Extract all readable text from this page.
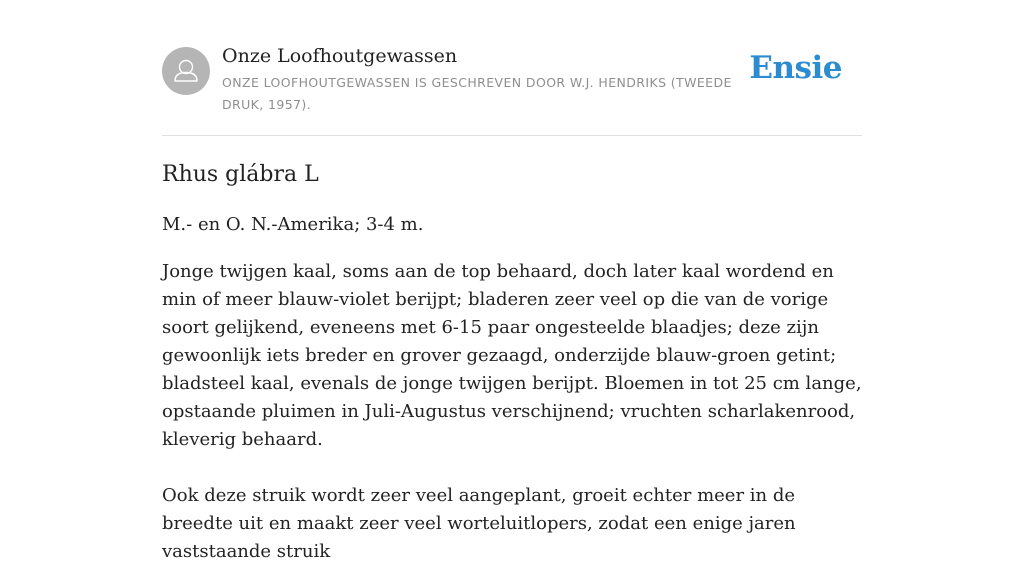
Onze Loofhoutgewassen
ONZE LOOFHOUTGEWASSEN IS GESCHREVEN DOOR W.J. HENDRIKS (TWEEDE DRUK, 1957).
Ensie
Rhus glábra L

M.- en O. N.-Amerika; 3-4 m.

Jonge twijgen kaal, soms aan de top behaard, doch later kaal wordend en min of meer blauw-violet berijpt; bladeren zeer veel op die van de vorige soort gelijkend, eveneens met 6-15 paar ongesteelde blaadjes; deze zijn gewoonlijk iets breder en grover gezaagd, onderzijde blauw-groen getint; bladsteel kaal, evenals de jonge twijgen berijpt. Bloemen in tot 25 cm lange, opstaande pluimen in Juli-Augustus verschijnend; vruchten scharlakenrood, kleverig behaard.

Ook deze struik wordt zeer veel aangeplant, groeit echter meer in de breedte uit en maakt zeer veel worteluitlopers, zodat een enige jaren vaststaande struik
